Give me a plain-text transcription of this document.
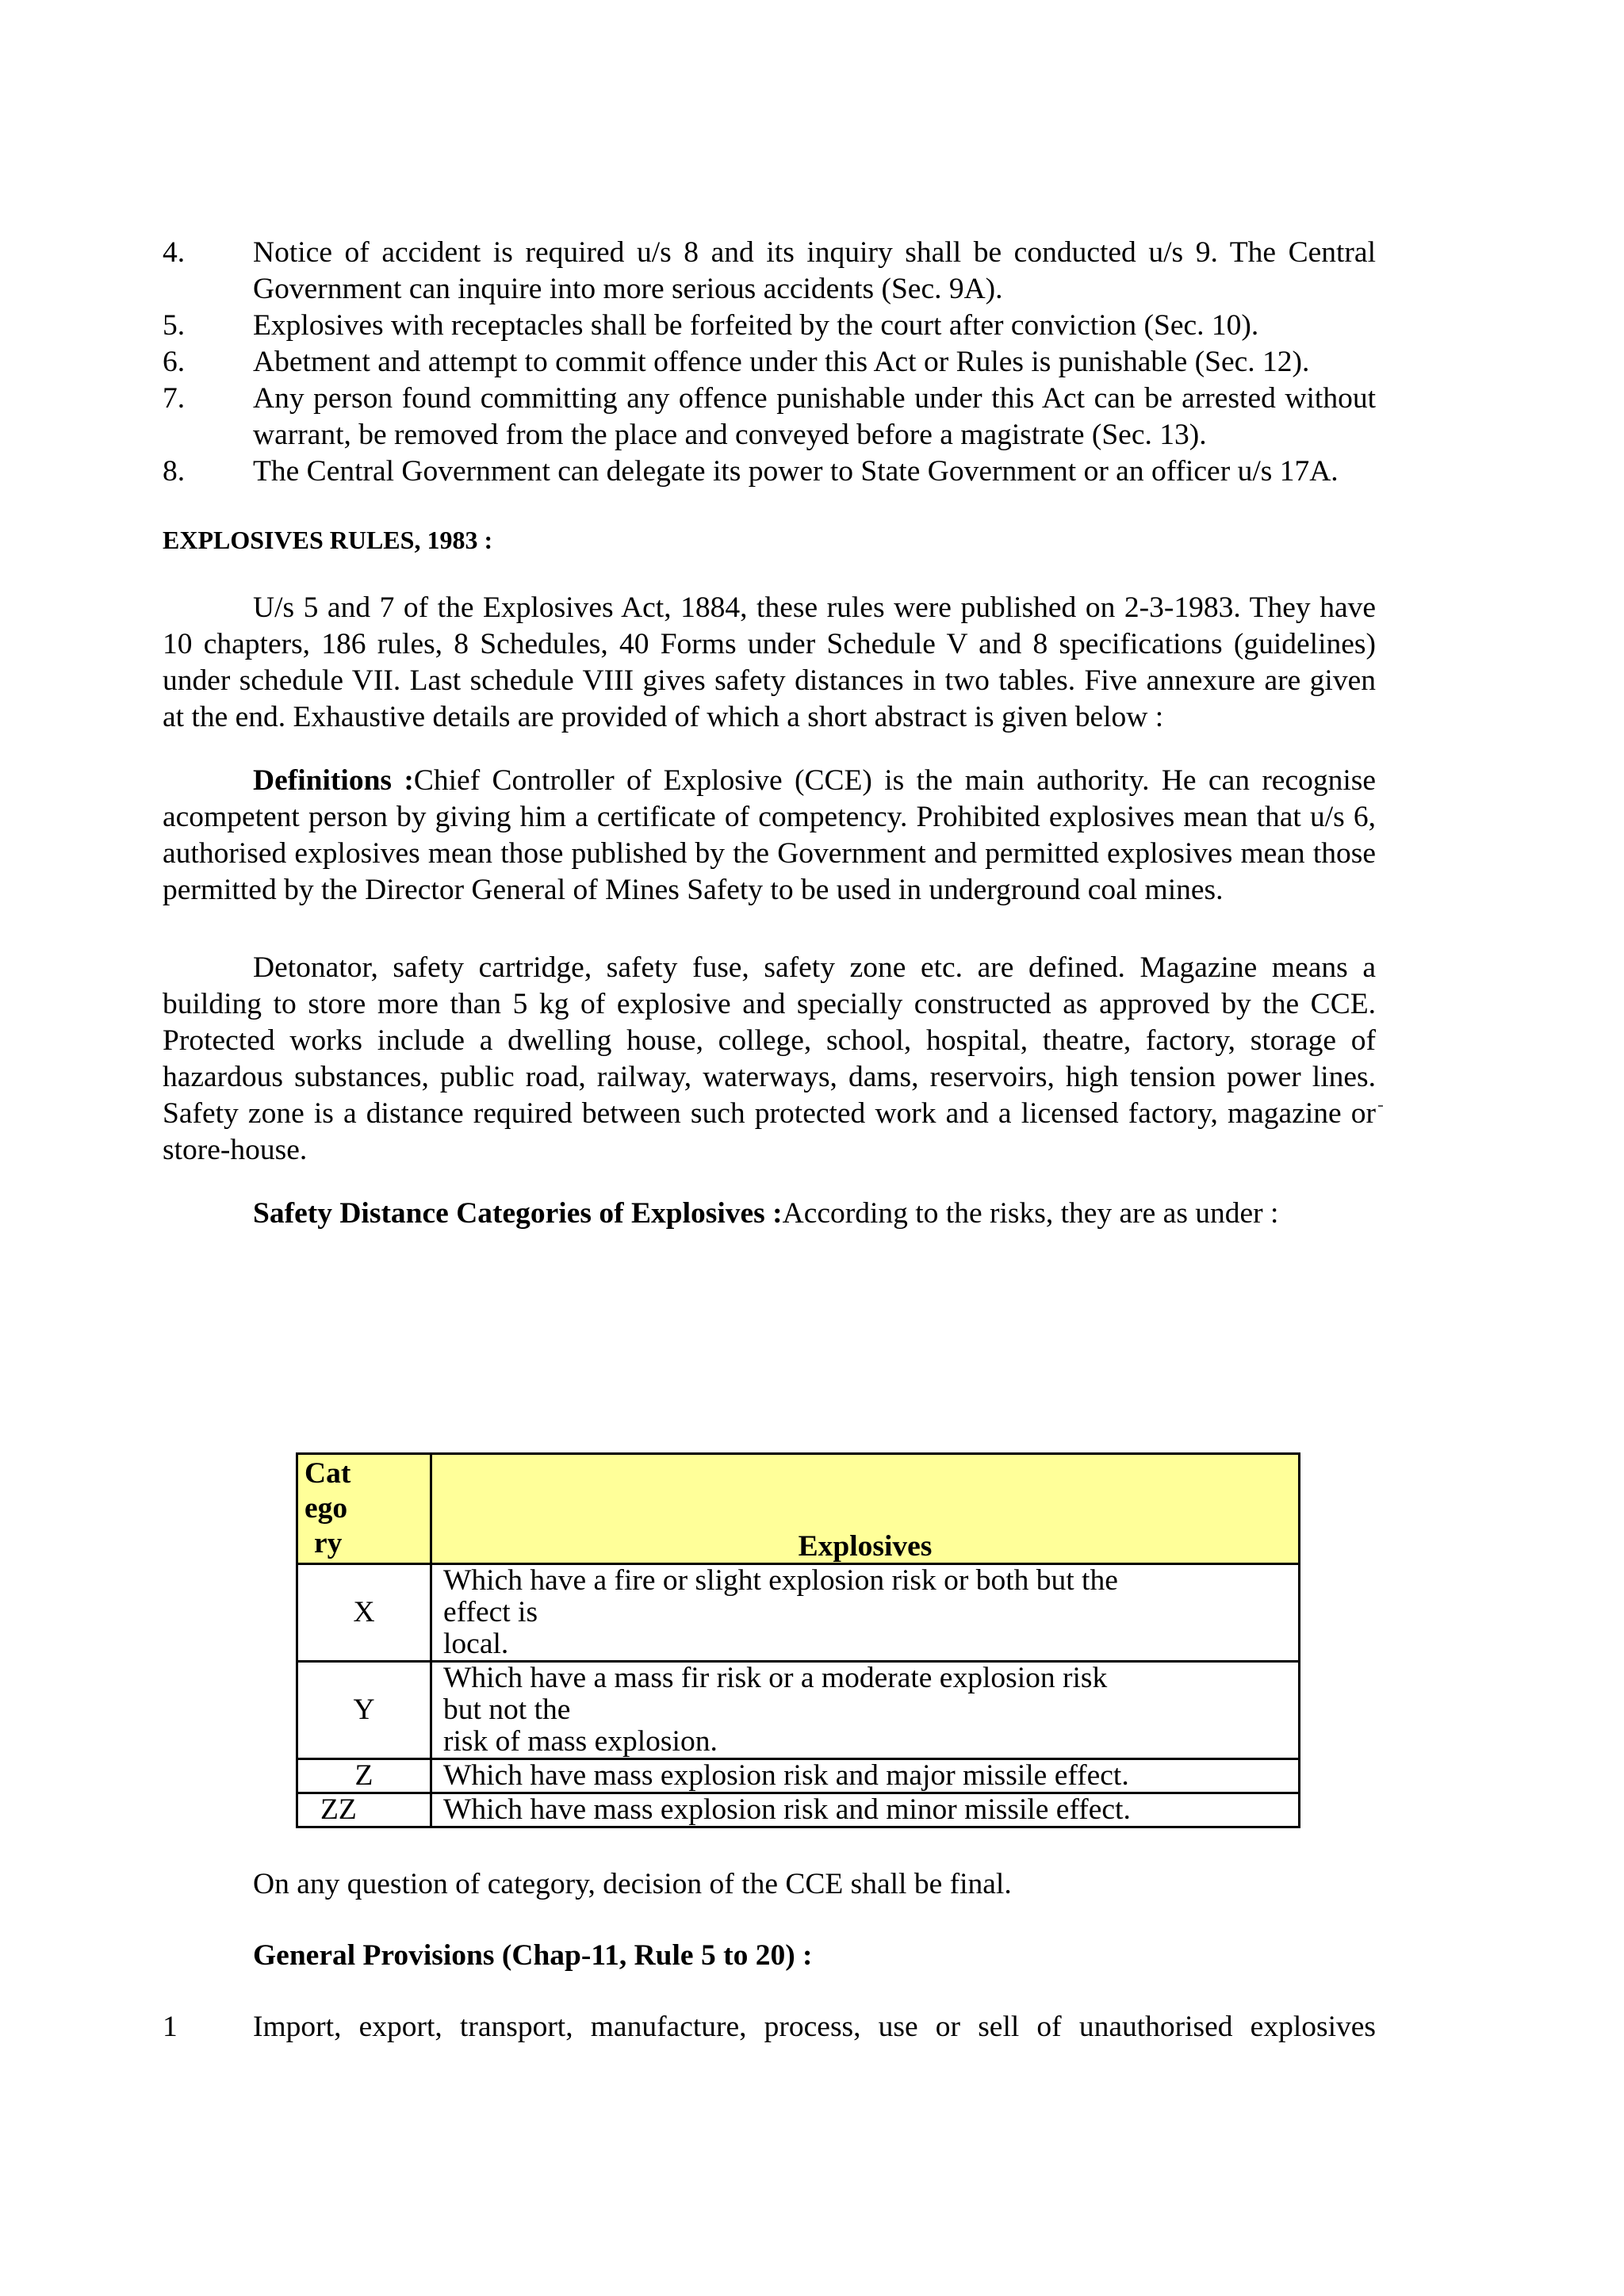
4.	Notice of accident is required u/s 8 and its inquiry shall be conducted u/s 9. The Central Government can inquire into more serious accidents (Sec. 9A).
5.	Explosives with receptacles shall be forfeited by the court after conviction (Sec. 10).
6.	Abetment and attempt to commit offence under this Act or Rules is punishable (Sec. 12).
7.	Any person found committing any offence punishable under this Act can be arrested without warrant, be removed from the place and conveyed before a magistrate (Sec. 13).
8.	The Central Government can delegate its power to State Government or an officer u/s 17A.
EXPLOSIVES RULES, 1983 :

U/s 5 and 7 of the Explosives Act, 1884, these rules were published on 2-3-1983. They have 10 chapters, 186 rules, 8 Schedules, 40 Forms under Schedule V and 8 specifications (guidelines) under schedule VII. Last schedule VIII gives safety distances in two tables. Five annexure are given at the end. Exhaustive details are provided of which a short abstract is given below :

Definitions :Chief Controller of Explosive (CCE) is the main authority. He can recognise acompetent person by giving him a certificate of competency. Prohibited explosives mean that u/s 6, authorised explosives mean those published by the Government and permitted explosives mean those permitted by the Director General of Mines Safety to be used in underground coal mines.

Detonator, safety cartridge, safety fuse, safety zone etc. are defined. Magazine means a building to store more than 5 kg of explosive and specially constructed as approved by the CCE. Protected works include a dwelling house, college, school, hospital, theatre, factory, storage of hazardous substances, public road, railway, waterways, dams, reservoirs, high tension power lines. Safety zone is a distance required between such protected work and a licensed factory, magazine or store-house.

Safety Distance Categories of Explosives :According to the risks, they are as under :

Cat
ego
ry	Explosives
X	Which have a fire or slight explosion risk or both but the
effect is
local.

Y	Which have a mass fir risk or a moderate explosion risk
but not the
risk of mass explosion.

Z	Which have mass explosion risk and major missile effect.

ZZ	Which have mass explosion risk and minor missile effect.
On any question of category, decision of the CCE shall be final.
General Provisions (Chap-11, Rule 5 to 20) :
1	Import, export, transport, manufacture, process, use or sell of unauthorised explosives
